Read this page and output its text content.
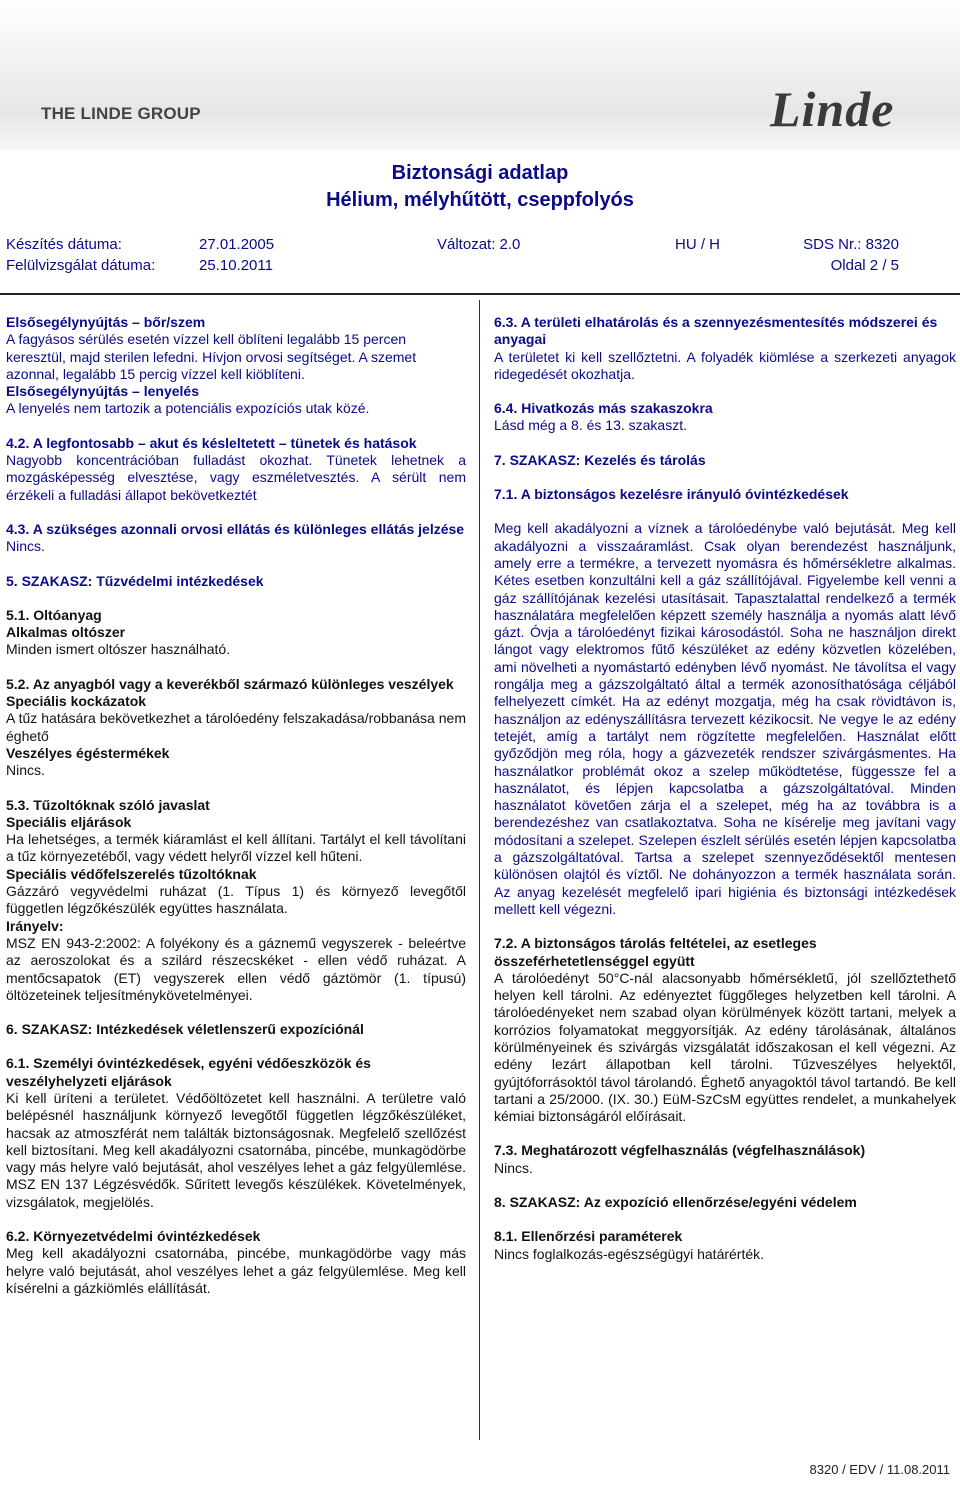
THE LINDE GROUP	Linde
Biztonsági adatlap
Hélium, mélyhűtött, cseppfolyós
Készítés dátuma:	27.01.2005	Változat: 2.0	HU / H	SDS Nr.: 8320
Felülvizsgálat dátuma:	25.10.2011	Oldal 2 / 5

Elsősegélynyújtás – bőr/szem

A fagyásos sérülés esetén vízzel kell öblíteni legalább 15 percen keresztül, majd sterilen lefedni. Hívjon orvosi segítséget. A szemet azonnal, legalább 15 percig vízzel kell kiöblíteni.

Elsősegélynyújtás – lenyelés

A lenyelés nem tartozik a potenciális expozíciós utak közé.

4.2. A legfontosabb – akut és késleltetett – tünetek és hatások

Nagyobb koncentrációban fulladást okozhat. Tünetek lehetnek a mozgásképesség elvesztése, vagy eszméletvesztés. A sérült nem érzékeli a fulladási állapot bekövetkeztét

4.3. A szükséges azonnali orvosi ellátás és különleges ellátás jelzése

Nincs.

5. SZAKASZ: Tűzvédelmi intézkedések

5.1. Oltóanyag

Alkalmas oltószer

Minden ismert oltószer használható.

5.2. Az anyagból vagy a keverékből származó különleges veszélyek

Speciális kockázatok

A tűz hatására bekövetkezhet a tárolóedény felszakadása/robbanása nem éghető

Veszélyes égéstermékek

Nincs.

5.3. Tűzoltóknak szóló javaslat

Speciális eljárások

Ha lehetséges, a termék kiáramlást el kell állítani. Tartályt el kell távolítani a tűz környezetéből, vagy védett helyről vízzel kell hűteni.

Speciális védőfelszerelés tűzoltóknak

Gázzáró vegyvédelmi ruházat (1. Típus 1) és környező levegőtől független légzőkészülék együttes használata.

Irányelv:

MSZ EN 943-2:2002: A folyékony és a gáznemű vegyszerek - beleértve az aeroszolokat és a szilárd részecskéket - ellen védő ruházat. A mentőcsapatok (ET) vegyszerek ellen védő gáztömör (1. típusú) öltözeteinek teljesítménykövetelményei.

6. SZAKASZ: Intézkedések véletlenszerű expozíciónál

6.1. Személyi óvintézkedések, egyéni védőeszközök és veszélyhelyzeti eljárások

Ki kell üríteni a területet. Védőöltözetet kell használni. A területre való belépésnél használjunk környező levegőtől független légzőkészüléket, hacsak az atmoszférát nem találták biztonságosnak. Megfelelő szellőzést kell biztosítani. Meg kell akadályozni csatornába, pincébe, munkagödörbe vagy más helyre való bejutását, ahol veszélyes lehet a gáz felgyülemlése. MSZ EN 137 Légzésvédők. Sűrített levegős készülékek. Követelmények, vizsgálatok, megjelölés.

6.2. Környezetvédelmi óvintézkedések

Meg kell akadályozni csatornába, pincébe, munkagödörbe vagy más helyre való bejutását, ahol veszélyes lehet a gáz felgyülemlése. Meg kell kísérelni a gázkiömlés elállítását.

6.3. A területi elhatárolás és a szennyezésmentesítés módszerei és anyagai

A területet ki kell szellőztetni. A folyadék kiömlése a szerkezeti anyagok ridegedését okozhatja.

6.4. Hivatkozás más szakaszokra

Lásd még a 8. és 13. szakaszt.

7. SZAKASZ: Kezelés és tárolás

7.1. A biztonságos kezelésre irányuló óvintézkedések

Meg kell akadályozni a víznek a tárolóedénybe való bejutását. Meg kell akadályozni a visszaáramlást. Csak olyan berendezést használjunk, amely erre a termékre, a tervezett nyomásra és hőmérsékletre alkalmas. Kétes esetben konzultálni kell a gáz szállítójával. Figyelembe kell venni a gáz szállítójának kezelési utasításait. Tapasztalattal rendelkező a termék használatára megfelelően képzett személy használja a nyomás alatt lévő gázt. Óvja a tárolóedényt fizikai károsodástól. Soha ne használjon direkt lángot vagy elektromos fűtő készüléket az edény közvetlen közelében, ami növelheti a nyomástartó edényben lévő nyomást. Ne távolítsa el vagy rongálja meg a gázszolgáltató által a termék azonosíthatósága céljából felhelyezett címkét. Ha az edényt mozgatja, még ha csak rövidtávon is, használjon az edényszállításra tervezett kézikocsit. Ne vegye le az edény tetejét, amíg a tartályt nem rögzítette megfelelően. Használat előtt győződjön meg róla, hogy a gázvezeték rendszer szivárgásmentes. Ha használatkor problémát okoz a szelep működtetése, függessze fel a használatot, és lépjen kapcsolatba a gázszolgáltatóval. Minden használatot követően zárja el a szelepet, még ha az továbbra is a berendezéshez van csatlakoztatva. Soha ne kísérelje meg javítani vagy módosítani a szelepet. Szelepen észlelt sérülés esetén lépjen kapcsolatba a gázszolgáltatóval. Tartsa a szelepet szennyeződésektől mentesen különösen olajtól és víztől. Ne dohányozzon a termék használata során. Az anyag kezelését megfelelő ipari higiénia és biztonsági intézkedések mellett kell végezni.

7.2. A biztonságos tárolás feltételei, az esetleges összeférhetetlenséggel együtt

A tárolóedényt 50°C-nál alacsonyabb hőmérsékletű, jól szellőztethető helyen kell tárolni. Az edényeztet függőleges helyzetben kell tárolni. A tárolóedényeket nem szabad olyan körülmények között tartani, melyek a korrózios folyamatokat meggyorsítják. Az edény tárolásának, általános körülményeinek és szivárgás vizsgálatát időszakosan el kell végezni. Az edény lezárt állapotban kell tárolni. Tűzveszélyes helyektől, gyújtóforrásoktól távol tárolandó. Éghető anyagoktól távol tartandó. Be kell tartani a 25/2000. (IX. 30.) EüM-SzCsM együttes rendelet, a munkahelyek kémiai biztonságáról előírásait.

7.3. Meghatározott végfelhasználás (végfelhasználások)

Nincs.

8. SZAKASZ: Az expozíció ellenőrzése/egyéni védelem

8.1. Ellenőrzési paraméterek

Nincs foglalkozás-egészségügyi határérték.

8320 / EDV / 11.08.2011
